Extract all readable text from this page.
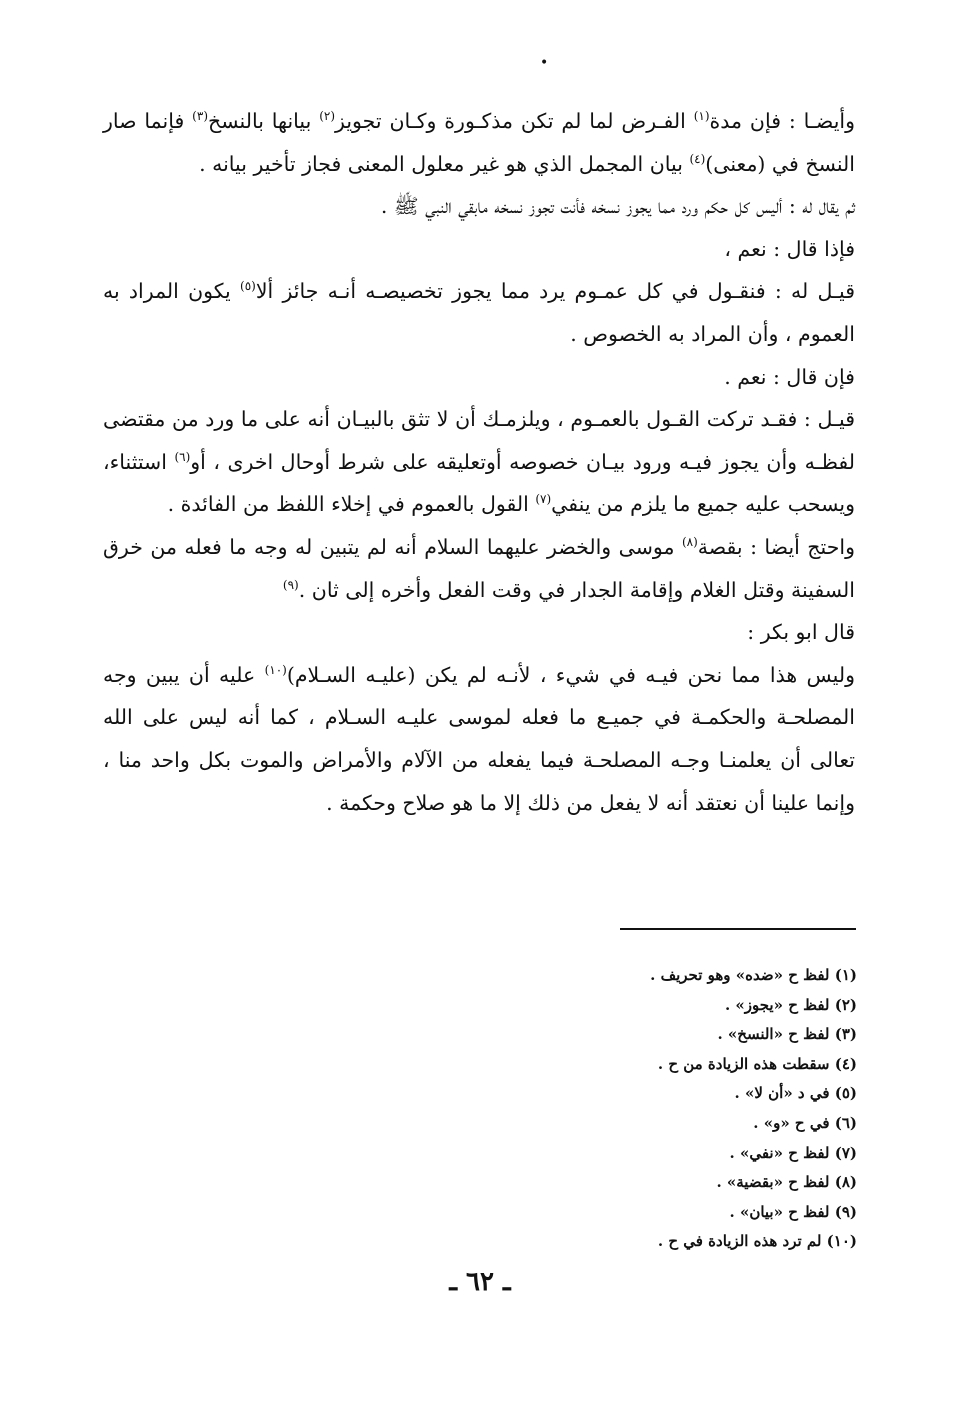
•

وأيضـا : فإن مدة$^{(١)}$ الفـرض لما لم تكن مذكـورة وكـان تجويز$^{(٢)}$ بيانها بالنسخ$^{(٣)}$ فإنما صار النسخ في (معنى)$^{(٤)}$ بيان المجمل الذي هو غير معلول المعنى فجاز تأخير بيانه .

ثم يقال له : أليس كل حكم ورد مما يجوز نسخه فأنت تجوز نسخه مابقي النبي ﷺ .

فإذا قال : نعم ،

قيـل له : فنقـول في كل عمـوم يرد مما يجوز تخصيصـه أنـه جائز ألا$^{(٥)}$ يكون المراد به العموم ، وأن المراد به الخصوص .

فإن قال : نعم .

قيـل : فقـد تركت القـول بالعمـوم ، ويلزمـك أن لا تثق بالبيـان أنه على ما ورد من مقتضى لفظـه وأن يجوز فيـه ورود بيـان خصوصه أوتعليقه على شرط أوحال اخرى ، أو$^{(٦)}$ استثناء، ويسحب عليه جميع ما يلزم من ينفي$^{(٧)}$ القول بالعموم في إخلاء اللفظ من الفائدة .

واحتج أيضا : بقصة$^{(٨)}$ موسى والخضر عليهما السلام أنه لم يتبين له وجه ما فعله من خرق السفينة وقتل الغلام وإقامة الجدار في وقت الفعل وأخره إلى ثان .$^{(٩)}$

قال ابو بكر :

وليس هذا مما نحن فيـه في شيء ، لأنـه لم يكن (عليـه السـلام)$^{(١٠)}$ عليه أن يبين وجه المصلحـة والحكمـة في جميـع ما فعله لموسى عليـه السـلام ، كما أنه ليس على الله تعالى أن يعلمنـا وجـه المصلحـة فيما يفعله من الآلام والأمراض والموت بكل واحد منا ، وإنما علينا أن نعتقد أنه لا يفعل من ذلك إلا ما هو صلاح وحكمة .

(١) لفظ ح «ضده» وهو تحريف .
(٢) لفظ ح «يجوز» .
(٣) لفظ ح «النسخ» .
(٤) سقطت هذه الزيادة من ح .
(٥) في د «أن لا» .
(٦) في ح «و» .
(٧) لفظ ح «نفي» .
(٨) لفظ ح «بقضية» .
(٩) لفظ ح «بيان» .
(١٠) لم ترد هذه الزيادة في ح .
ـ ٦٢ ـ
